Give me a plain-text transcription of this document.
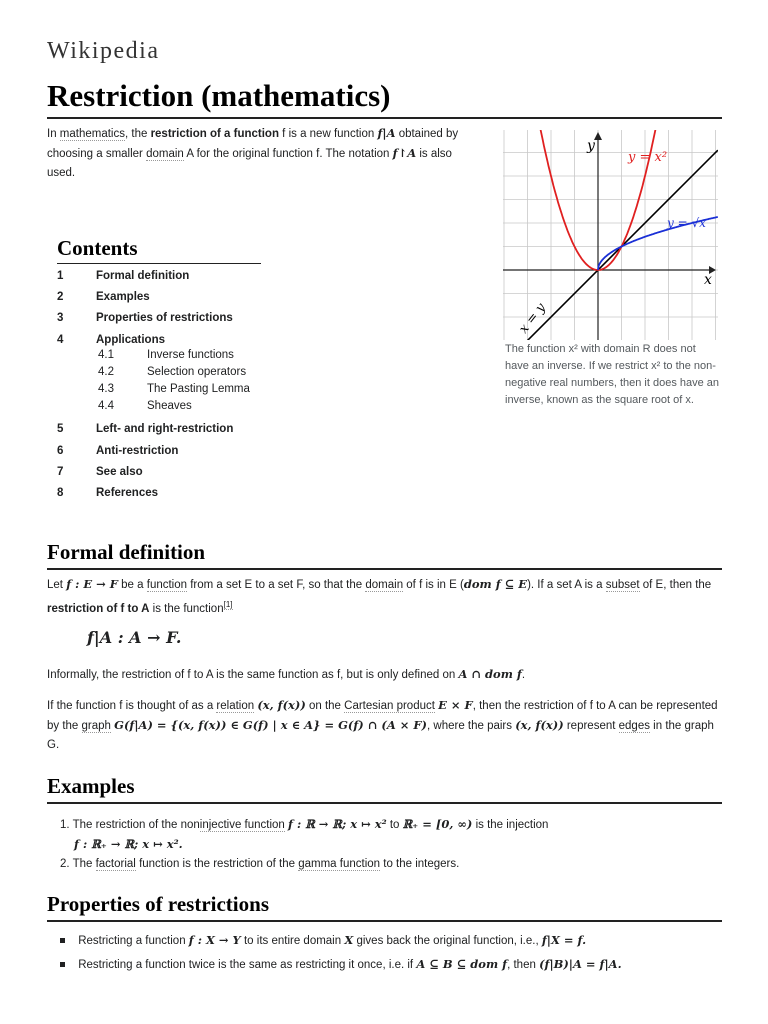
Wikipedia
Restriction (mathematics)
In mathematics, the restriction of a function f is a new function f|A obtained by choosing a smaller domain A for the original function f. The notation f↾A is also used.
Contents
1	Formal definition
2	Examples
3	Properties of restrictions
4	Applications
4.1	Inverse functions
4.2	Selection operators
4.3	The Pasting Lemma
4.4	Sheaves
5	Left- and right-restriction
6	Anti-restriction
7	See also
8	References
y
x
y = x²
y = √x
x = y
The function x² with domain R does not have an inverse. If we restrict x² to the non-negative real numbers, then it does have an inverse, known as the square root of x.
Formal definition
Let f : E → F be a function from a set E to a set F, so that the domain of f is in E (dom f ⊆ E). If a set A is a subset of E, then the restriction of f to A is the function[1]
f|A : A → F.
Informally, the restriction of f to A is the same function as f, but is only defined on A ∩ dom f.
If the function f is thought of as a relation (x, f(x)) on the Cartesian product E × F, then the restriction of f to A can be represented by the graph G(f|A) = {(x, f(x)) ∈ G(f) | x ∈ A} = G(f) ∩ (A × F), where the pairs (x, f(x)) represent edges in the graph G.
Examples
1. The restriction of the noninjective function f : ℝ → ℝ; x ↦ x² to ℝ₊ = [0, ∞) is the injection
f : ℝ₊ → ℝ; x ↦ x².
2. The factorial function is the restriction of the gamma function to the integers.
Properties of restrictions
Restricting a function f : X → Y to its entire domain X gives back the original function, i.e., f|X = f.
Restricting a function twice is the same as restricting it once, i.e. if A ⊆ B ⊆ dom f, then (f|B)|A = f|A.
